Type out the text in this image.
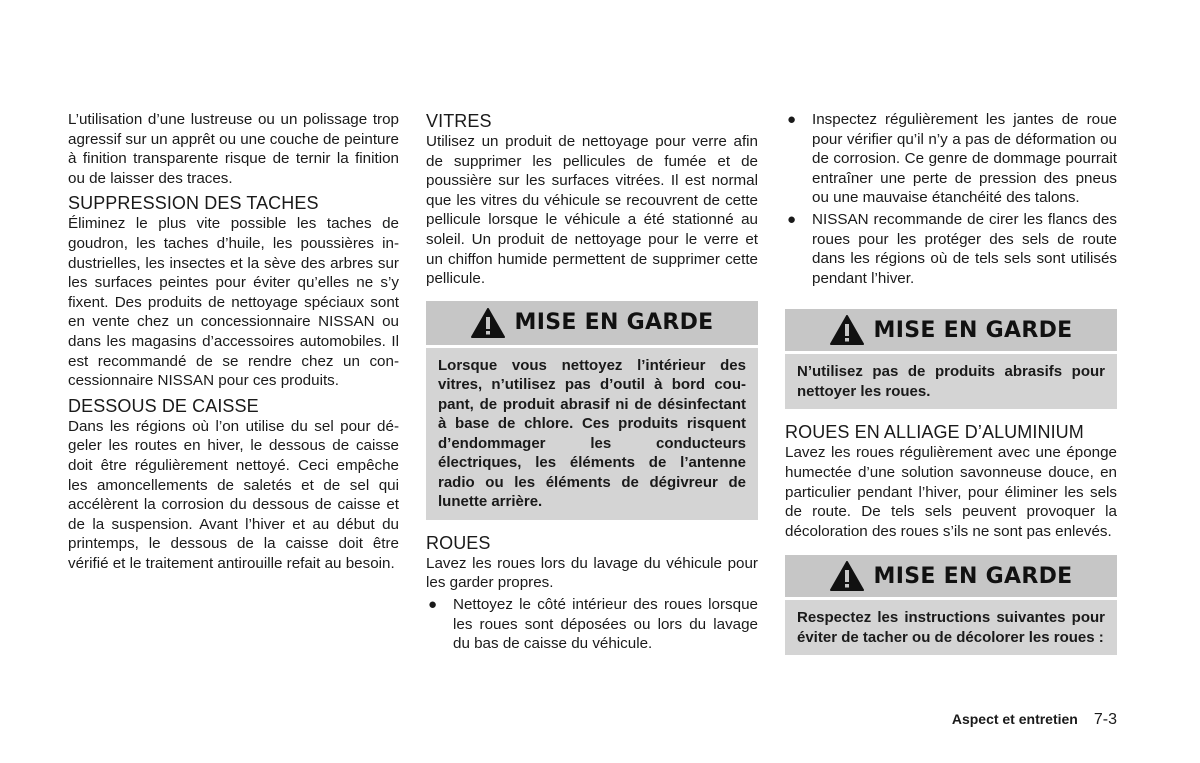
L’utilisation d’une lustreuse ou un polissage trop agressif sur un apprêt ou une couche de peinture à finition transparente risque de ternir la finition ou de laisser des traces.

SUPPRESSION DES TACHES

Éliminez le plus vite possible les taches de goudron, les taches d’huile, les poussières industrielles, les insectes et la sève des arbres sur les surfaces peintes pour éviter qu’elles ne s’y fixent. Des produits de nettoyage spéciaux sont en vente chez un concessionnaire NISSAN ou dans les magasins d’accessoires automobiles. Il est recommandé de se rendre chez un concessionnaire NISSAN pour ces produits.

DESSOUS DE CAISSE

Dans les régions où l’on utilise du sel pour dégeler les routes en hiver, le dessous de caisse doit être régulièrement nettoyé. Ceci empêche les amoncellements de saletés et de sel qui accélèrent la corrosion du dessous de caisse et de la suspension. Avant l’hiver et au début du printemps, le dessous de la caisse doit être vérifié et le traitement antirouille refait au besoin.

VITRES

Utilisez un produit de nettoyage pour verre afin de supprimer les pellicules de fumée et de poussière sur les surfaces vitrées. Il est normal que les vitres du véhicule se recouvrent de cette pellicule lorsque le véhicule a été stationné au soleil. Un produit de nettoyage pour le verre et un chiffon humide permettent de supprimer cette pellicule.

MISE EN GARDE

Lorsque vous nettoyez l’intérieur des vitres, n’utilisez pas d’outil à bord coupant, de produit abrasif ni de désinfectant à base de chlore. Ces produits risquent d’endommager les conducteurs électriques, les éléments de l’antenne radio ou les éléments de dégivreur de lunette arrière.

ROUES

Lavez les roues lors du lavage du véhicule pour les garder propres.

● Nettoyez le côté intérieur des roues lorsque les roues sont déposées ou lors du lavage du bas de caisse du véhicule.
● Inspectez régulièrement les jantes de roue pour vérifier qu’il n’y a pas de déformation ou de corrosion. Ce genre de dommage pourrait entraîner une perte de pression des pneus ou une mauvaise étanchéité des talons.
● NISSAN recommande de cirer les flancs des roues pour les protéger des sels de route dans les régions où de tels sels sont utilisés pendant l’hiver.
MISE EN GARDE

N’utilisez pas de produits abrasifs pour nettoyer les roues.

ROUES EN ALLIAGE D’ALUMINIUM

Lavez les roues régulièrement avec une éponge humectée d’une solution savonneuse douce, en particulier pendant l’hiver, pour éliminer les sels de route. De tels sels peuvent provoquer la décoloration des roues s’ils ne sont pas enlevés.

MISE EN GARDE

Respectez les instructions suivantes pour éviter de tacher ou de décolorer les roues :

Aspect et entretien 7-3
